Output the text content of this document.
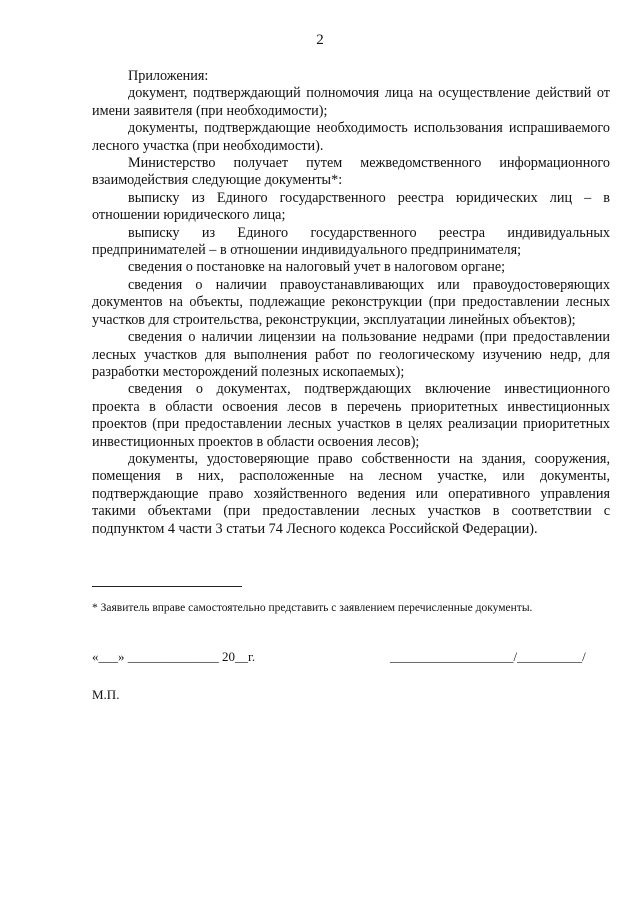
2

Приложения:

документ, подтверждающий полномочия лица на осуществление действий от имени заявителя (при необходимости);

документы, подтверждающие необходимость использования испрашиваемого лесного участка (при необходимости).

Министерство получает путем межведомственного информационного взаимодействия следующие документы*:

выписку из Единого государственного реестра юридических лиц – в отношении юридического лица;

выписку из Единого государственного реестра индивидуальных предпринимателей – в отношении индивидуального предпринимателя;

сведения о постановке на налоговый учет в налоговом органе;

сведения о наличии правоустанавливающих или правоудостоверяющих документов на объекты, подлежащие реконструкции (при предоставлении лесных участков для строительства, реконструкции, эксплуатации линейных объектов);

сведения о наличии лицензии на пользование недрами (при предоставлении лесных участков для выполнения работ по геологическому изучению недр, для разработки месторождений полезных ископаемых);

сведения о документах, подтверждающих включение инвестиционного проекта в области освоения лесов в перечень приоритетных инвестиционных проектов (при предоставлении лесных участков в целях реализации приоритетных инвестиционных проектов в области освоения лесов);

документы, удостоверяющие право собственности на здания, сооружения, помещения в них, расположенные на лесном участке, или документы, подтверждающие право хозяйственного ведения или оперативного управления такими объектами (при предоставлении лесных участков в соответствии с подпунктом 4 части 3 статьи 74 Лесного кодекса Российской Федерации).

* Заявитель вправе самостоятельно представить с заявлением перечисленные документы.
«___» ______________ 20__г.	___________________/__________/
М.П.
